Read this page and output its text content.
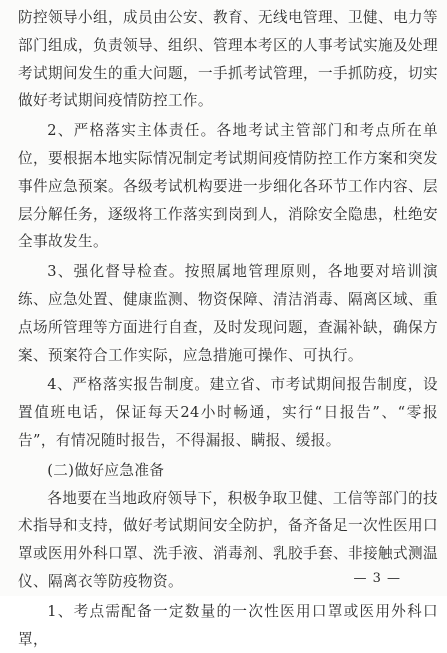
防控领导小组，成员由公安、教育、无线电管理、卫健、电力等部门组成，负责领导、组织、管理本考区的人事考试实施及处理考试期间发生的重大问题，一手抓考试管理，一手抓防疫，切实做好考试期间疫情防控工作。

2、严格落实主体责任。各地考试主管部门和考点所在单位，要根据本地实际情况制定考试期间疫情防控工作方案和突发事件应急预案。各级考试机构要进一步细化各环节工作内容、层层分解任务，逐级将工作落实到岗到人，消除安全隐患，杜绝安全事故发生。

3、强化督导检查。按照属地管理原则，各地要对培训演练、应急处置、健康监测、物资保障、清洁消毒、隔离区域、重点场所管理等方面进行自查，及时发现问题，查漏补缺，确保方案、预案符合工作实际，应急措施可操作、可执行。

4、严格落实报告制度。建立省、市考试期间报告制度，设置值班电话，保证每天24小时畅通，实行“日报告”、“零报告”，有情况随时报告，不得漏报、瞒报、缓报。

(二)做好应急准备

各地要在当地政府领导下，积极争取卫健、工信等部门的技术指导和支持，做好考试期间安全防护，备齐备足一次性医用口罩或医用外科口罩、洗手液、消毒剂、乳胶手套、非接触式测温仪、隔离衣等防疫物资。

1、考点需配备一定数量的一次性医用口罩或医用外科口罩，

— 3 —
